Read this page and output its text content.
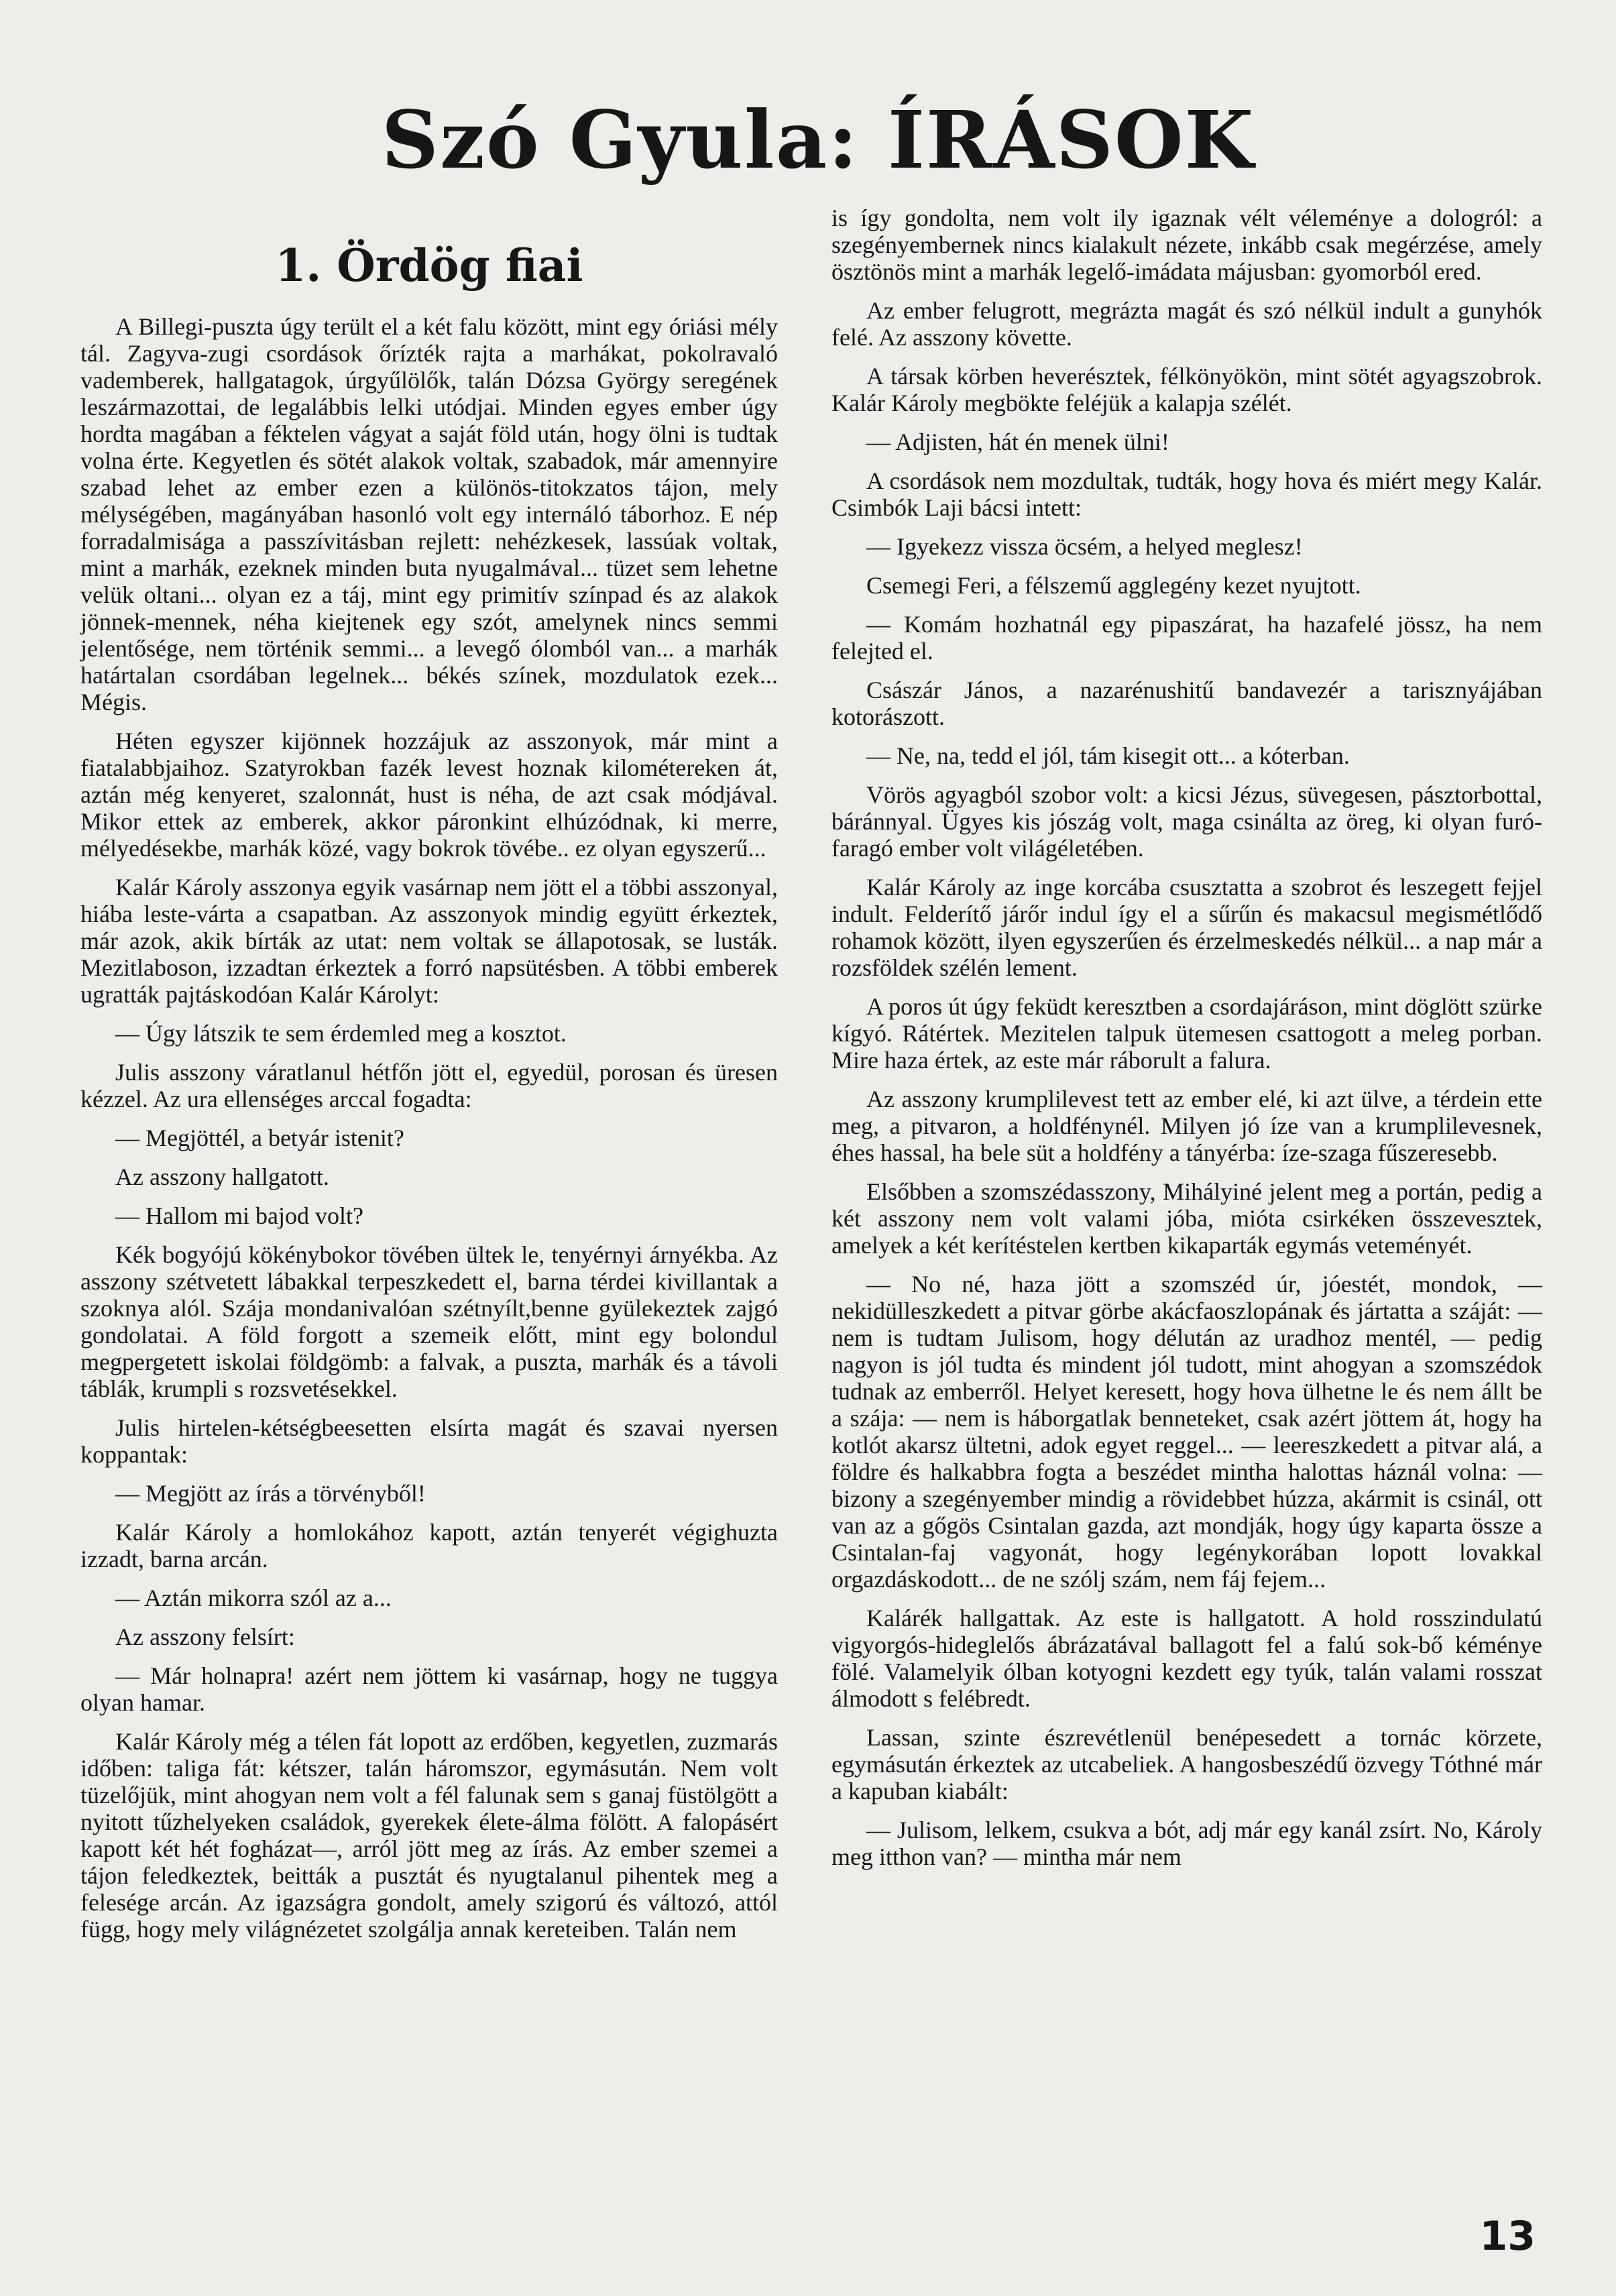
Szó Gyula: ÍRÁSOK
1. Ördög fiai

A Billegi-puszta úgy terült el a két falu között, mint egy óriási mély tál. Zagyva-zugi csordások őrízték rajta a marhákat, pokolravaló vademberek, hallgatagok, úrgyűlölők, talán Dózsa György seregének leszármazottai, de legalábbis lelki utódjai. Minden egyes ember úgy hordta magában a féktelen vágyat a saját föld után, hogy ölni is tudtak volna érte. Kegyetlen és sötét alakok voltak, szabadok, már amennyire szabad lehet az ember ezen a különös-titokzatos tájon, mely mélységében, magányában hasonló volt egy internáló táborhoz. E nép forradalmisága a passzívitásban rejlett: nehézkesek, lassúak voltak, mint a marhák, ezeknek minden buta nyugalmával... tüzet sem lehetne velük oltani... olyan ez a táj, mint egy primitív színpad és az alakok jönnek-mennek, néha kiejtenek egy szót, amelynek nincs semmi jelentősége, nem történik semmi... a levegő ólomból van... a marhák határtalan csordában legelnek... békés színek, mozdulatok ezek... Mégis.

Héten egyszer kijönnek hozzájuk az asszonyok, már mint a fiatalabbjaihoz. Szatyrokban fazék levest hoznak kilométereken át, aztán még kenyeret, szalonnát, hust is néha, de azt csak módjával. Mikor ettek az emberek, akkor páronkint elhúzódnak, ki merre, mélyedésekbe, marhák közé, vagy bokrok tövébe.. ez olyan egyszerű...

Kalár Károly asszonya egyik vasárnap nem jött el a többi asszonyal, hiába leste-várta a csapatban. Az asszonyok mindig együtt érkeztek, már azok, akik bírták az utat: nem voltak se állapotosak, se lusták. Mezitlaboson, izzadtan érkeztek a forró napsütésben. A többi emberek ugratták pajtáskodóan Kalár Károlyt:

— Úgy látszik te sem érdemled meg a kosztot.

Julis asszony váratlanul hétfőn jött el, egyedül, porosan és üresen kézzel. Az ura ellenséges arccal fogadta:

— Megjöttél, a betyár istenit?

Az asszony hallgatott.

— Hallom mi bajod volt?

Kék bogyójú kökénybokor tövében ültek le, tenyérnyi árnyékba. Az asszony szétvetett lábakkal terpeszkedett el, barna térdei kivillantak a szoknya alól. Szája mondanivalóan szétnyílt,benne gyülekeztek zajgó gondolatai. A föld forgott a szemeik előtt, mint egy bolondul megpergetett iskolai földgömb: a falvak, a puszta, marhák és a távoli táblák, krumpli s rozsvetésekkel.

Julis hirtelen-kétségbeesetten elsírta magát és szavai nyersen koppantak:

— Megjött az írás a törvényből!

Kalár Károly a homlokához kapott, aztán tenyerét végighuzta izzadt, barna arcán.

— Aztán mikorra szól az a...

Az asszony felsírt:

— Már holnapra! azért nem jöttem ki vasárnap, hogy ne tuggya olyan hamar.

Kalár Károly még a télen fát lopott az erdőben, kegyetlen, zuzmarás időben: taliga fát: kétszer, talán háromszor, egymásután. Nem volt tüzelőjük, mint ahogyan nem volt a fél falunak sem s ganaj füstölgött a nyitott tűzhelyeken családok, gyerekek élete-álma fölött. A falopásért kapott két hét fogházat—, arról jött meg az írás. Az ember szemei a tájon feledkeztek, beitták a pusztát és nyugtalanul pihentek meg a felesége arcán. Az igazságra gondolt, amely szigorú és változó, attól függ, hogy mely világnézetet szolgálja annak kereteiben. Talán nem

is így gondolta, nem volt ily igaznak vélt véleménye a dologról: a szegényembernek nincs kialakult nézete, inkább csak megérzése, amely ösztönös mint a marhák legelő-imádata májusban: gyomorból ered.

Az ember felugrott, megrázta magát és szó nélkül indult a gunyhók felé. Az asszony követte.

A társak körben heverésztek, félkönyökön, mint sötét agyagszobrok. Kalár Károly megbökte feléjük a kalapja szélét.

— Adjisten, hát én menek ülni!

A csordások nem mozdultak, tudták, hogy hova és miért megy Kalár. Csimbók Laji bácsi intett:

— Igyekezz vissza öcsém, a helyed meglesz!

Csemegi Feri, a félszemű agglegény kezet nyujtott.

— Komám hozhatnál egy pipaszárat, ha hazafelé jössz, ha nem felejted el.

Császár János, a nazarénushitű bandavezér a tarisznyájában kotorászott.

— Ne, na, tedd el jól, tám kisegit ott... a kóterban.

Vörös agyagból szobor volt: a kicsi Jézus, süvegesen, pásztorbottal, báránnyal. Ügyes kis jószág volt, maga csinálta az öreg, ki olyan furó-faragó ember volt világéletében.

Kalár Károly az inge korcába csusztatta a szobrot és leszegett fejjel indult. Felderítő járőr indul így el a sűrűn és makacsul megismétlődő rohamok között, ilyen egyszerűen és érzelmeskedés nélkül... a nap már a rozsföldek szélén lement.

A poros út úgy feküdt keresztben a csordajáráson, mint döglött szürke kígyó. Rátértek. Mezitelen talpuk ütemesen csattogott a meleg porban. Mire haza értek, az este már ráborult a falura.

Az asszony krumplilevest tett az ember elé, ki azt ülve, a térdein ette meg, a pitvaron, a holdfénynél. Milyen jó íze van a krumplilevesnek, éhes hassal, ha bele süt a holdfény a tányérba: íze-szaga fűszeresebb.

Elsőbben a szomszédasszony, Mihályiné jelent meg a portán, pedig a két asszony nem volt valami jóba, mióta csirkéken összevesztek, amelyek a két kerítéstelen kertben kikaparták egymás veteményét.

— No né, haza jött a szomszéd úr, jóestét, mondok, — nekidülleszkedett a pitvar görbe akácfaoszlopának és jártatta a száját: — nem is tudtam Julisom, hogy délután az uradhoz mentél, — pedig nagyon is jól tudta és mindent jól tudott, mint ahogyan a szomszédok tudnak az emberről. Helyet keresett, hogy hova ülhetne le és nem állt be a szája: — nem is háborgatlak benneteket, csak azért jöttem át, hogy ha kotlót akarsz ültetni, adok egyet reggel... — leereszkedett a pitvar alá, a földre és halkabbra fogta a beszédet mintha halottas háznál volna: — bizony a szegényember mindig a rövidebbet húzza, akármit is csinál, ott van az a gőgös Csintalan gazda, azt mondják, hogy úgy kaparta össze a Csintalan-faj vagyonát, hogy legénykorában lopott lovakkal orgazdáskodott... de ne szólj szám, nem fáj fejem...

Kalárék hallgattak. Az este is hallgatott. A hold rosszindulatú vigyorgós-hideglelős ábrázatával ballagott fel a falú sok-bő kéménye fölé. Valamelyik ólban kotyogni kezdett egy tyúk, talán valami rosszat álmodott s felébredt.

Lassan, szinte észrevétlenül benépesedett a tornác körzete, egymásután érkeztek az utcabeliek. A hangosbeszédű özvegy Tóthné már a kapuban kiabált:

— Julisom, lelkem, csukva a bót, adj már egy kanál zsírt. No, Károly meg itthon van? — mintha már nem

13
